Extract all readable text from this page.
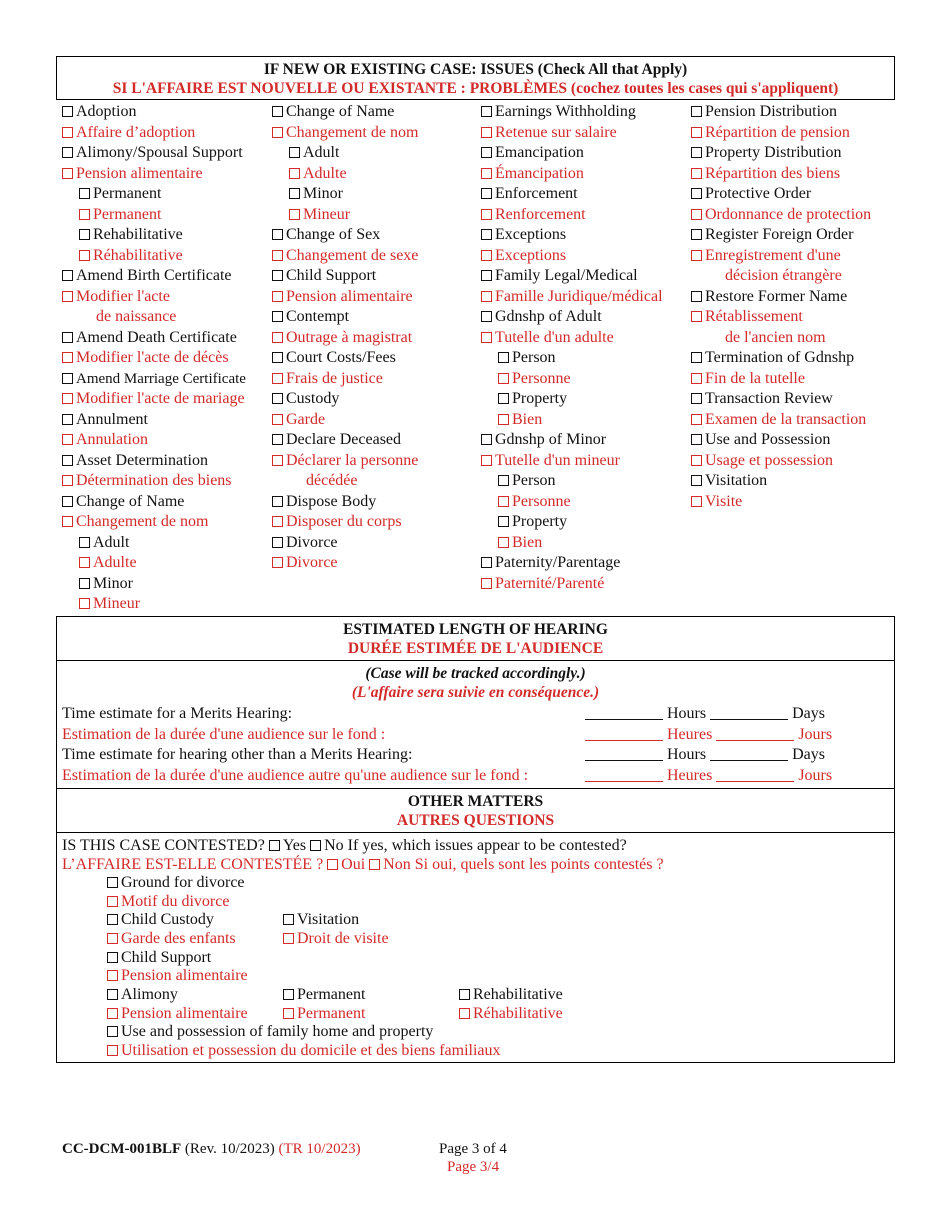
IF NEW OR EXISTING CASE: ISSUES (Check All that Apply)
SI L'AFFAIRE EST NOUVELLE OU EXISTANTE : PROBLÈMES (cochez toutes les cases qui s'appliquent)
Adoption
Affaire d’adoption
Alimony/Spousal Support
Pension alimentaire
Permanent
Permanent
Rehabilitative
Réhabilitative
Amend Birth Certificate
Modifier l'acte
de naissance
Amend Death Certificate
Modifier l'acte de décès
Amend Marriage Certificate
Modifier l'acte de mariage
Annulment
Annulation
Asset Determination
Détermination des biens
Change of Name
Changement de nom
Adult
Adulte
Minor
Mineur
Change of Name
Changement de nom
Adult
Adulte
Minor
Mineur
Change of Sex
Changement de sexe
Child Support
Pension alimentaire
Contempt
Outrage à magistrat
Court Costs/Fees
Frais de justice
Custody
Garde
Declare Deceased
Déclarer la personne
décédée
Dispose Body
Disposer du corps
Divorce
Divorce
Earnings Withholding
Retenue sur salaire
Emancipation
Émancipation
Enforcement
Renforcement
Exceptions
Exceptions
Family Legal/Medical
Famille Juridique/médical
Gdnshp of Adult
Tutelle d'un adulte
Person
Personne
Property
Bien
Gdnshp of Minor
Tutelle d'un mineur
Person
Personne
Property
Bien
Paternity/Parentage
Paternité/Parenté
Pension Distribution
Répartition de pension
Property Distribution
Répartition des biens
Protective Order
Ordonnance de protection
Register Foreign Order
Enregistrement d'une
décision étrangère
Restore Former Name
Rétablissement
de l'ancien nom
Termination of Gdnshp
Fin de la tutelle
Transaction Review
Examen de la transaction
Use and Possession
Usage et possession
Visitation
Visite
ESTIMATED LENGTH OF HEARING
DURÉE ESTIMÉE DE L'AUDIENCE
(Case will be tracked accordingly.)
(L'affaire sera suivie en conséquence.)
Time estimate for a Merits Hearing:
Estimation de la durée d'une audience sur le fond :
Time estimate for hearing other than a Merits Hearing:
Estimation de la durée d'une audience autre qu'une audience sur le fond :
Hours	Days
Heures	Jours
Hours	Days
Heures	Jours
OTHER MATTERS
AUTRES QUESTIONS
IS THIS CASE CONTESTED? Yes No If yes, which issues appear to be contested?
L’AFFAIRE EST-ELLE CONTESTÉE ? Oui Non Si oui, quels sont les points contestés ?
Ground for divorce
Motif du divorce
Child Custody
Garde des enfants
Visitation
Droit de visite
Child Support
Pension alimentaire
Alimony
Pension alimentaire
Permanent
Permanent
Rehabilitative
Réhabilitative
Use and possession of family home and property
Utilisation et possession du domicile et des biens familiaux
CC-DCM-001BLF (Rev. 10/2023) (TR 10/2023)	Page 3 of 4
Page 3/4
